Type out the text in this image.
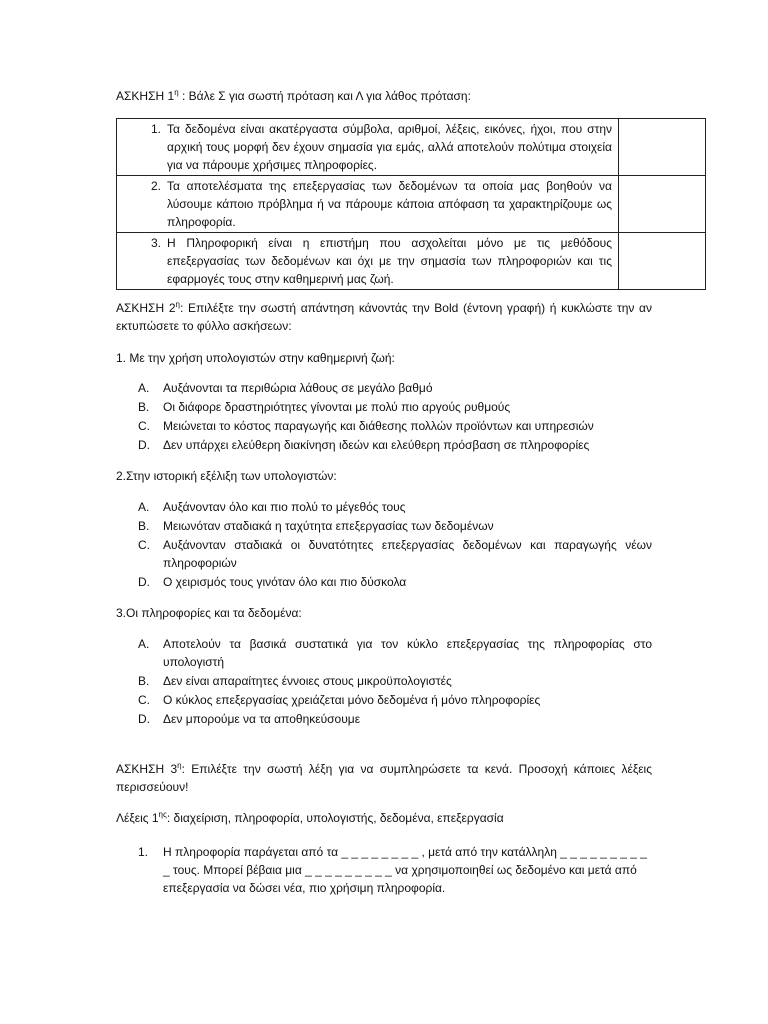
ΑΣΚΗΣΗ $1^\eta$ : Βάλε Σ για σωστή πρόταση και Λ για λάθος πρόταση:
1. Τα δεδομένα είναι ακατέργαστα σύμβολα, αριθμοί, λέξεις, εικόνες, ήχοι, που στην αρχική τους μορφή δεν έχουν σημασία για εμάς, αλλά αποτελούν πολύτιμα στοιχεία για να πάρουμε χρήσιμες πληροφορίες.	

2. Τα αποτελέσματα της επεξεργασίας των δεδομένων τα οποία μας βοηθούν να λύσουμε κάποιο πρόβλημα ή να πάρουμε κάποια απόφαση τα χαρακτηρίζουμε ως πληροφορία.	

3. Η Πληροφορική είναι η επιστήμη που ασχολείται μόνο με τις μεθόδους επεξεργασίας των δεδομένων και όχι με την σημασία των πληροφοριών και τις εφαρμογές τους στην καθημερινή μας ζωή.	

ΑΣΚΗΣΗ $2^\eta$: Επιλέξτε την σωστή απάντηση κάνοντάς την Bold (έντονη γραφή) ή κυκλώστε την αν εκτυπώσετε το φύλλο ασκήσεων:
1. Με την χρήση υπολογιστών στην καθημερινή ζωή:
A.	Αυξάνονται τα περιθώρια λάθους σε μεγάλο βαθμό
B.	Οι διάφορε δραστηριότητες γίνονται με πολύ πιο αργούς ρυθμούς
C.	Μειώνεται το κόστος παραγωγής και διάθεσης πολλών προϊόντων και υπηρεσιών
D.	Δεν υπάρχει ελεύθερη διακίνηση ιδεών και ελεύθερη πρόσβαση σε πληροφορίες
2.Στην ιστορική εξέλιξη των υπολογιστών:
A.	Αυξάνονταν όλο και πιο πολύ το μέγεθός τους
B.	Μειωνόταν σταδιακά η ταχύτητα επεξεργασίας των δεδομένων
C.	Αυξάνονταν σταδιακά οι δυνατότητες επεξεργασίας δεδομένων και παραγωγής νέων πληροφοριών
D.	Ο χειρισμός τους γινόταν όλο και πιο δύσκολα
3.Οι πληροφορίες και τα δεδομένα:
A.	Αποτελούν τα βασικά συστατικά για τον κύκλο επεξεργασίας της πληροφορίας στο υπολογιστή
B.	Δεν είναι απαραίτητες έννοιες στους μικροϋπολογιστές
C.	Ο κύκλος επεξεργασίας χρειάζεται μόνο δεδομένα ή μόνο πληροφορίες
D.	Δεν μπορούμε να τα αποθηκεύσουμε
ΑΣΚΗΣΗ $3^\eta$: Επιλέξτε την σωστή λέξη για να συμπληρώσετε τα κενά. Προσοχή κάποιες λέξεις περισσεύουν!
Λέξεις $1^{\eta\varsigma}$: διαχείριση, πληροφορία, υπολογιστής, δεδομένα, επεξεργασία
1.	Η πληροφορία παράγεται από τα _ _ _ _ _ _ _ _ , μετά από την κατάλληλη _ _ _ _ _ _ _ _ _ _ τους. Μπορεί βέβαια μια _ _ _ _ _ _ _ _ _ να χρησιμοποιηθεί ως δεδομένο και μετά από επεξεργασία να δώσει νέα, πιο χρήσιμη πληροφορία.
